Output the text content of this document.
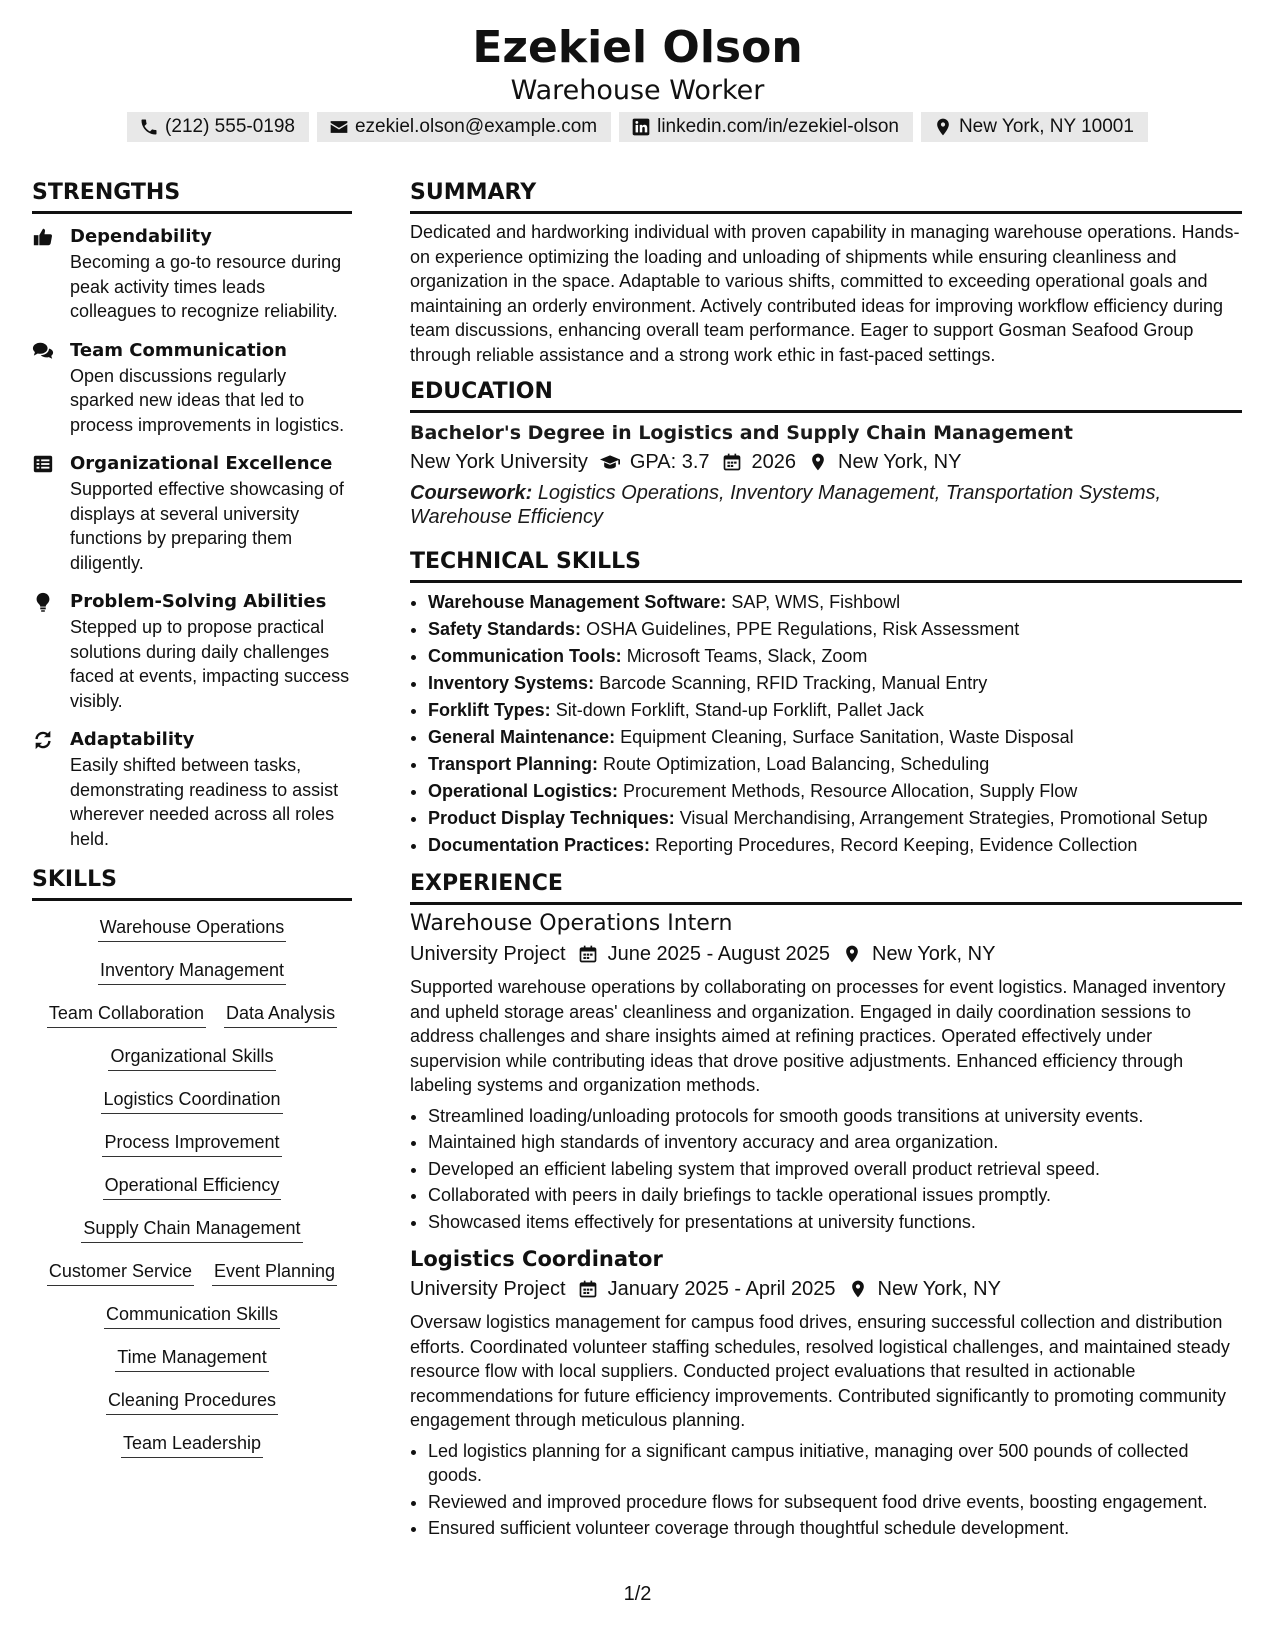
Ezekiel Olson
Warehouse Worker
(212) 555-0198	ezekiel.olson@example.com	linkedin.com/in/ezekiel-olson	New York, NY 10001
STRENGTHS
Dependability
Becoming a go-to resource during peak activity times leads colleagues to recognize reliability.
Team Communication
Open discussions regularly sparked new ideas that led to process improvements in logistics.
Organizational Excellence
Supported effective showcasing of displays at several university functions by preparing them diligently.
Problem-Solving Abilities
Stepped up to propose practical solutions during daily challenges faced at events, impacting success visibly.
Adaptability
Easily shifted between tasks, demonstrating readiness to assist wherever needed across all roles held.
SKILLS
Warehouse Operations
Inventory Management
Team Collaboration Data Analysis
Organizational Skills
Logistics Coordination
Process Improvement
Operational Efficiency
Supply Chain Management
Customer Service Event Planning
Communication Skills
Time Management
Cleaning Procedures
Team Leadership
SUMMARY
Dedicated and hardworking individual with proven capability in managing warehouse operations. Hands-on experience optimizing the loading and unloading of shipments while ensuring cleanliness and organization in the space. Adaptable to various shifts, committed to exceeding operational goals and maintaining an orderly environment. Actively contributed ideas for improving workflow efficiency during team discussions, enhancing overall team performance. Eager to support Gosman Seafood Group through reliable assistance and a strong work ethic in fast-paced settings.
EDUCATION
Bachelor's Degree in Logistics and Supply Chain Management
New York University GPA: 3.7 2026 New York, NY
Coursework: Logistics Operations, Inventory Management, Transportation Systems, Warehouse Efficiency
TECHNICAL SKILLS
• Warehouse Management Software: SAP, WMS, Fishbowl
• Safety Standards: OSHA Guidelines, PPE Regulations, Risk Assessment
• Communication Tools: Microsoft Teams, Slack, Zoom
• Inventory Systems: Barcode Scanning, RFID Tracking, Manual Entry
• Forklift Types: Sit-down Forklift, Stand-up Forklift, Pallet Jack
• General Maintenance: Equipment Cleaning, Surface Sanitation, Waste Disposal
• Transport Planning: Route Optimization, Load Balancing, Scheduling
• Operational Logistics: Procurement Methods, Resource Allocation, Supply Flow
• Product Display Techniques: Visual Merchandising, Arrangement Strategies, Promotional Setup
• Documentation Practices: Reporting Procedures, Record Keeping, Evidence Collection
EXPERIENCE
Warehouse Operations Intern
University Project June 2025 - August 2025 New York, NY
Supported warehouse operations by collaborating on processes for event logistics. Managed inventory and upheld storage areas' cleanliness and organization. Engaged in daily coordination sessions to address challenges and share insights aimed at refining practices. Operated effectively under supervision while contributing ideas that drove positive adjustments. Enhanced efficiency through labeling systems and organization methods.
• Streamlined loading/unloading protocols for smooth goods transitions at university events.
• Maintained high standards of inventory accuracy and area organization.
• Developed an efficient labeling system that improved overall product retrieval speed.
• Collaborated with peers in daily briefings to tackle operational issues promptly.
• Showcased items effectively for presentations at university functions.
Logistics Coordinator
University Project January 2025 - April 2025 New York, NY
Oversaw logistics management for campus food drives, ensuring successful collection and distribution efforts. Coordinated volunteer staffing schedules, resolved logistical challenges, and maintained steady resource flow with local suppliers. Conducted project evaluations that resulted in actionable recommendations for future efficiency improvements. Contributed significantly to promoting community engagement through meticulous planning.
• Led logistics planning for a significant campus initiative, managing over 500 pounds of collected goods.
• Reviewed and improved procedure flows for subsequent food drive events, boosting engagement.
• Ensured sufficient volunteer coverage through thoughtful schedule development.
1/2
